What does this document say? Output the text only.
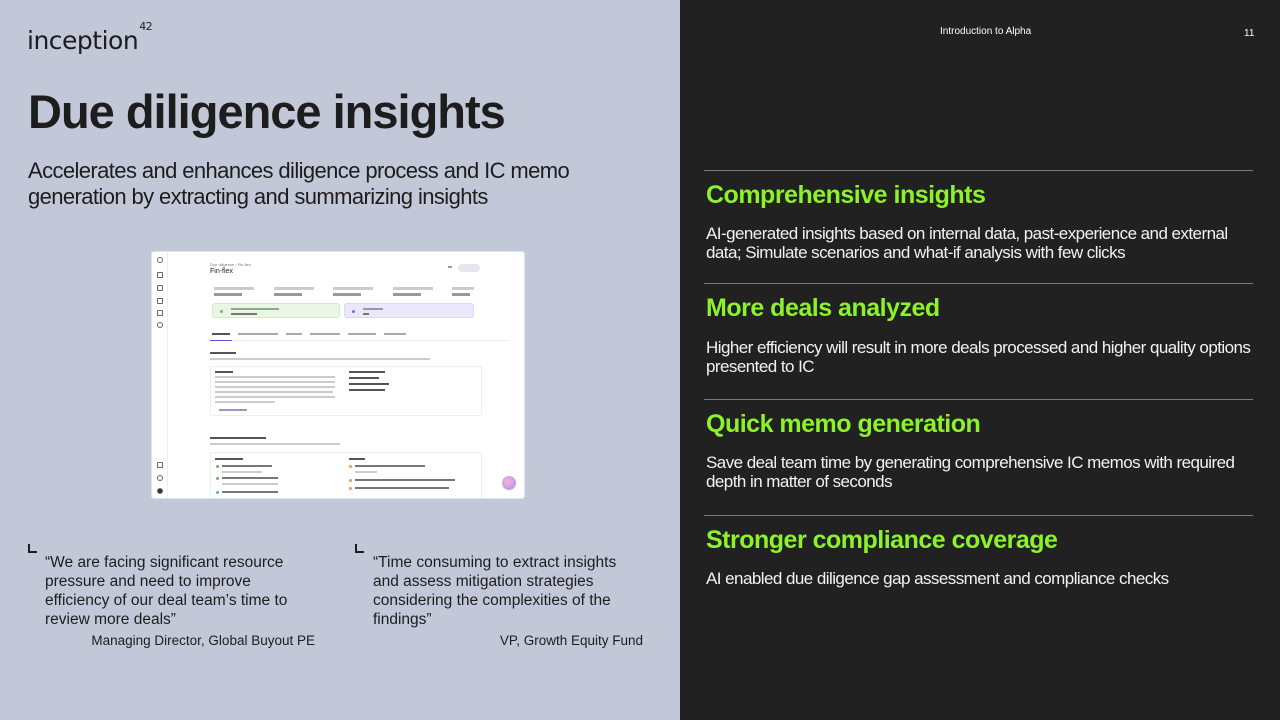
inception$^{42}$
Due diligence insights

Accelerates and enhances diligence process and IC memo generation by extracting and summarizing insights

Due diligence › Fin-flex
Fin-flex

“We are facing significant resource pressure and need to improve efficiency of our deal team’s time to review more deals”

Managing Director, Global Buyout PE

“Time consuming to extract insights and assess mitigation strategies considering the complexities of the findings”

VP, Growth Equity Fund
Introduction to Alpha	11
Comprehensive insights

AI-generated insights based on internal data, past-experience and external data; Simulate scenarios and what-if analysis with few clicks

More deals analyzed

Higher efficiency will result in more deals processed and higher quality options presented to IC

Quick memo generation

Save deal team time by generating comprehensive IC memos with required depth in matter of seconds

Stronger compliance coverage

AI enabled due diligence gap assessment and compliance checks
